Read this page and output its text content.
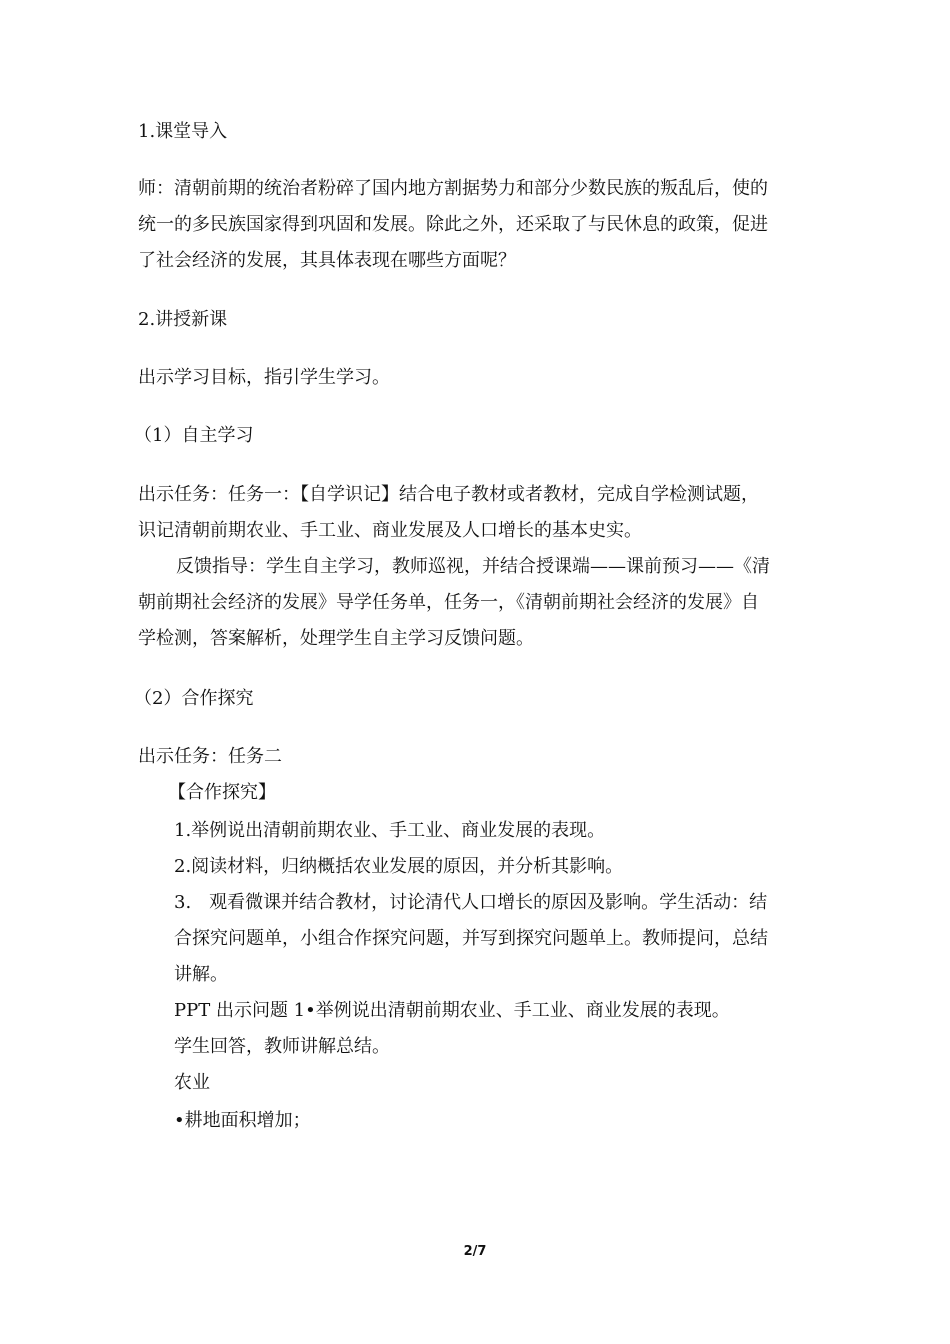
1.课堂导入
师：清朝前期的统治者粉碎了国内地方割据势力和部分少数民族的叛乱后，使的
统一的多民族国家得到巩固和发展。除此之外，还采取了与民休息的政策，促进
了社会经济的发展，其具体表现在哪些方面呢？
2.讲授新课
出示学习目标，指引学生学习。
（1）自主学习
出示任务：任务一：【自学识记】结合电子教材或者教材，完成自学检测试题，
识记清朝前期农业、手工业、商业发展及人口增长的基本史实。
反馈指导：学生自主学习，教师巡视，并结合授课端——课前预习——《清
朝前期社会经济的发展》导学任务单，任务一，《清朝前期社会经济的发展》自
学检测，答案解析，处理学生自主学习反馈问题。
（2）合作探究
出示任务：任务二
【合作探究】
1.举例说出清朝前期农业、手工业、商业发展的表现。
2.阅读材料，归纳概括农业发展的原因，并分析其影响。
3.　观看微课并结合教材，讨论清代人口增长的原因及影响。学生活动：结
合探究问题单，小组合作探究问题，并写到探究问题单上。教师提问，总结
讲解。
PPT 出示问题 1•举例说出清朝前期农业、手工业、商业发展的表现。
学生回答，教师讲解总结。
农业
•耕地面积增加；
2/7
